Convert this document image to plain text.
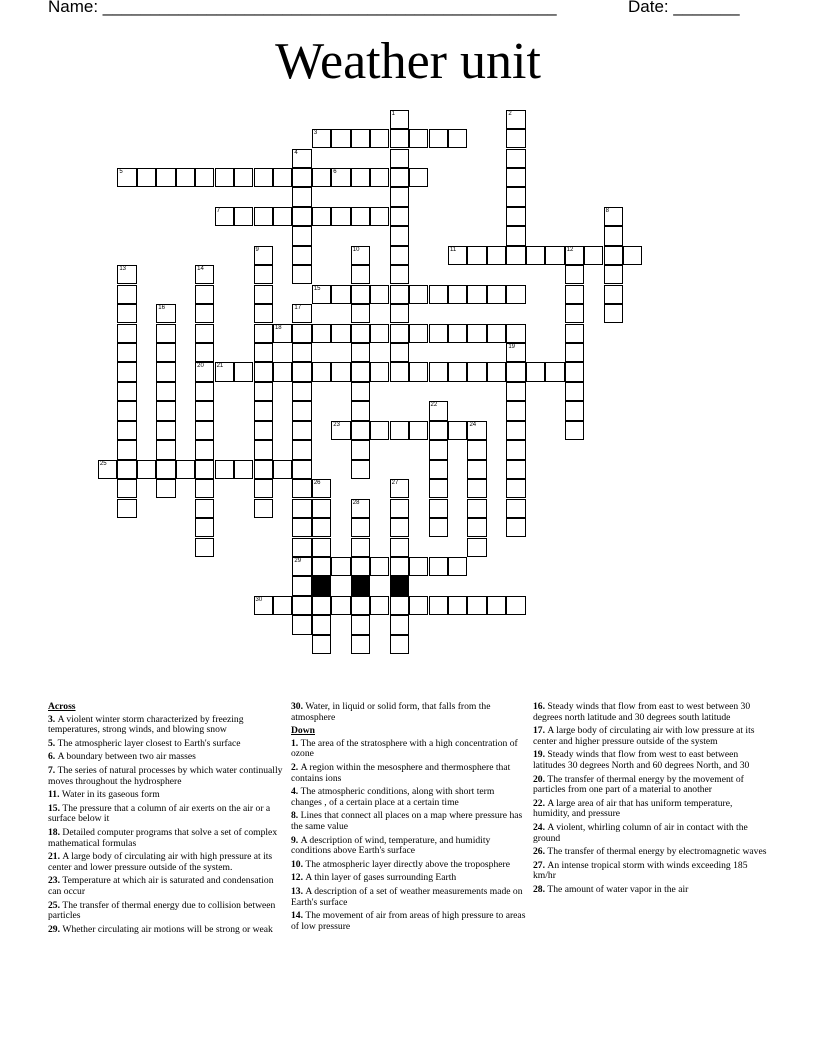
Name: ________________________________________________	Date: _______
Weather unit
1	2
3
4
5	6
7	8
9	10	11	12
13	14
15
16	17
29
18
19
20 21
22
23	24
25
26	27
28
30
Across
3. A violent winter storm characterized by freezing temperatures, strong winds, and blowing snow
5. The atmospheric layer closest to Earth's surface
6. A boundary between two air masses
7. The series of natural processes by which water continually moves throughout the hydrosphere
11. Water in its gaseous form
15. The pressure that a column of air exerts on the air or a surface below it
18. Detailed computer programs that solve a set of complex mathematical formulas
21. A large body of circulating air with high pressure at its center and lower pressure outside of the system.
23. Temperature at which air is saturated and condensation can occur
25. The transfer of thermal energy due to collision between particles
29. Whether circulating air motions will be strong or weak
30. Water, in liquid or solid form, that falls from the atmosphere
Down
1. The area of the stratosphere with a high concentration of ozone
2. A region within the mesosphere and thermosphere that contains ions
4. The atmospheric conditions, along with short term changes , of a certain place at a certain time
8. Lines that connect all places on a map where pressure has the same value
9. A description of wind, temperature, and humidity conditions above Earth's surface
10. The atmospheric layer directly above the troposphere
12. A thin layer of gases surrounding Earth
13. A description of a set of weather measurements made on Earth's surface
14. The movement of air from areas of high pressure to areas of low pressure
16. Steady winds that flow from east to west between 30 degrees north latitude and 30 degrees south latitude
17. A large body of circulating air with low pressure at its center and higher pressure outside of the system
19. Steady winds that flow from west to east between latitudes 30 degrees North and 60 degrees North, and 30
20. The transfer of thermal energy by the movement of particles from one part of a material to another
22. A large area of air that has uniform temperature, humidity, and pressure
24. A violent, whirling column of air in contact with the ground
26. The transfer of thermal energy by electromagnetic waves
27. An intense tropical storm with winds exceeding 185 km/hr
28. The amount of water vapor in the air
